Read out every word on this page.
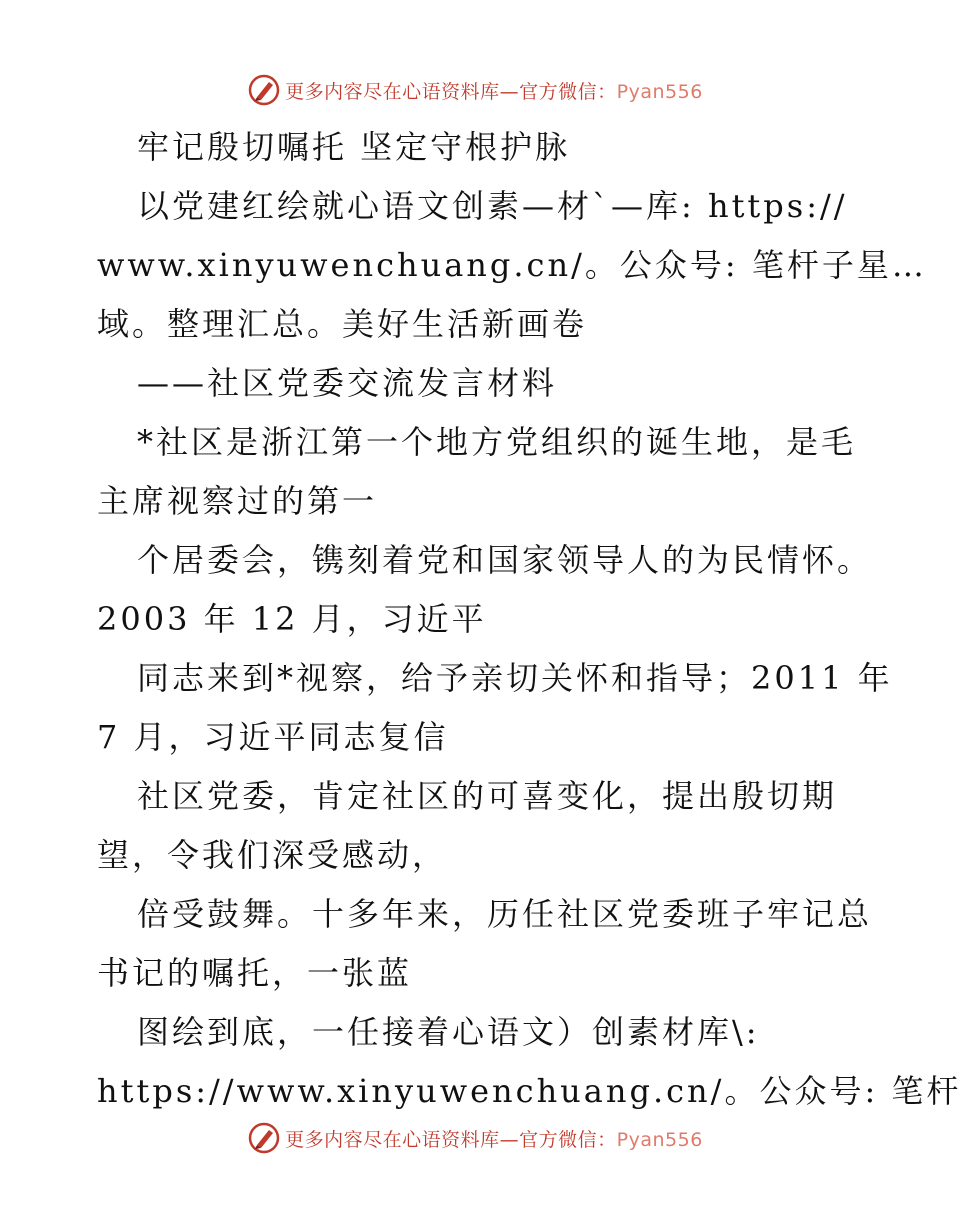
更多内容尽在心语资料库—官方微信：Pyan556
牢记殷切嘱托 坚定守根护脉
以党建红绘就心语文创素—材`—库: https://
www.xinyuwenchuang.cn/。公众号: 笔杆子星…
域。整理汇总。美好生活新画卷
——社区党委交流发言材料
*社区是浙江第一个地方党组织的诞生地，是毛
主席视察过的第一
个居委会，镌刻着党和国家领导人的为民情怀。
2003 年 12 月，习近平
同志来到*视察，给予亲切关怀和指导；2011 年
7 月，习近平同志复信
社区党委，肯定社区的可喜变化，提出殷切期
望，令我们深受感动，
倍受鼓舞。十多年来，历任社区党委班子牢记总
书记的嘱托，一张蓝
图绘到底，一任接着心语文）创素材库\:
https://www.xinyuwenchuang.cn/。公众号: 笔杆
更多内容尽在心语资料库—官方微信：Pyan556
